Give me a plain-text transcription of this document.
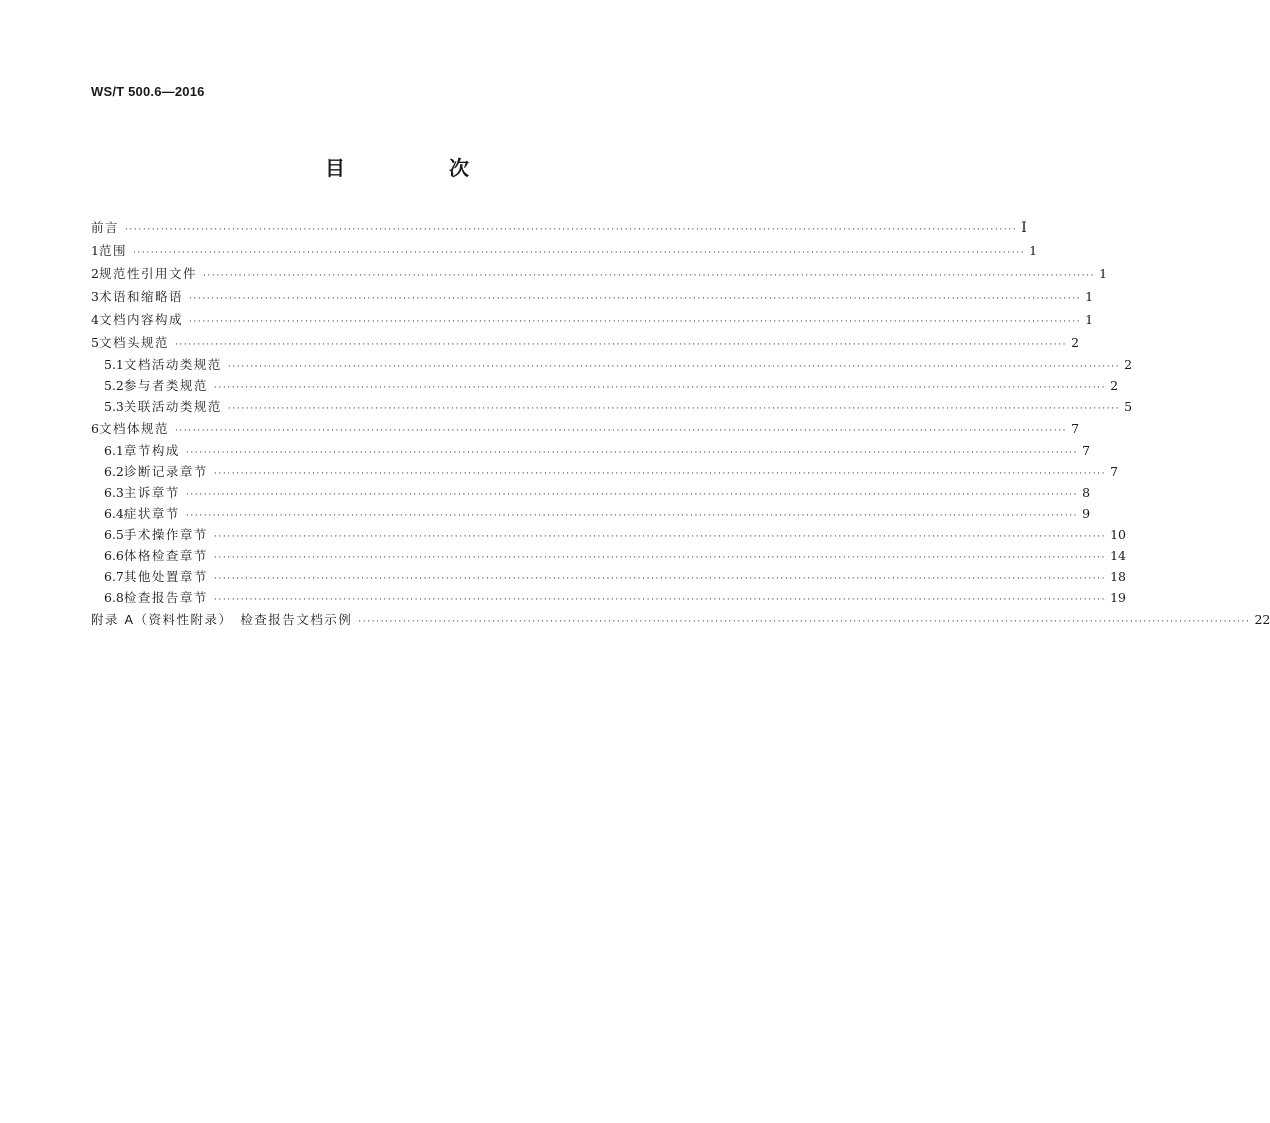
WS/T 500.6—2016
目　次
前言 ········································································································································································································ I
1 范围 ········································································································································································································ 1
2 规范性引用文件 ········································································································································································································ 1
3 术语和缩略语 ········································································································································································································ 1
4 文档内容构成 ········································································································································································································ 1
5 文档头规范 ········································································································································································································ 2
5.1 文档活动类规范 ········································································································································································································ 2
5.2 参与者类规范 ········································································································································································································ 2
5.3 关联活动类规范 ········································································································································································································ 5
6 文档体规范 ········································································································································································································ 7
6.1 章节构成 ········································································································································································································ 7
6.2 诊断记录章节 ········································································································································································································ 7
6.3 主诉章节 ········································································································································································································ 8
6.4 症状章节 ········································································································································································································ 9
6.5 手术操作章节 ········································································································································································································ 10
6.6 体格检查章节 ········································································································································································································ 14
6.7 其他处置章节 ········································································································································································································ 18
6.8 检查报告章节 ········································································································································································································ 19
附录 A（资料性附录）　检查报告文档示例 ········································································································································································································ 22
